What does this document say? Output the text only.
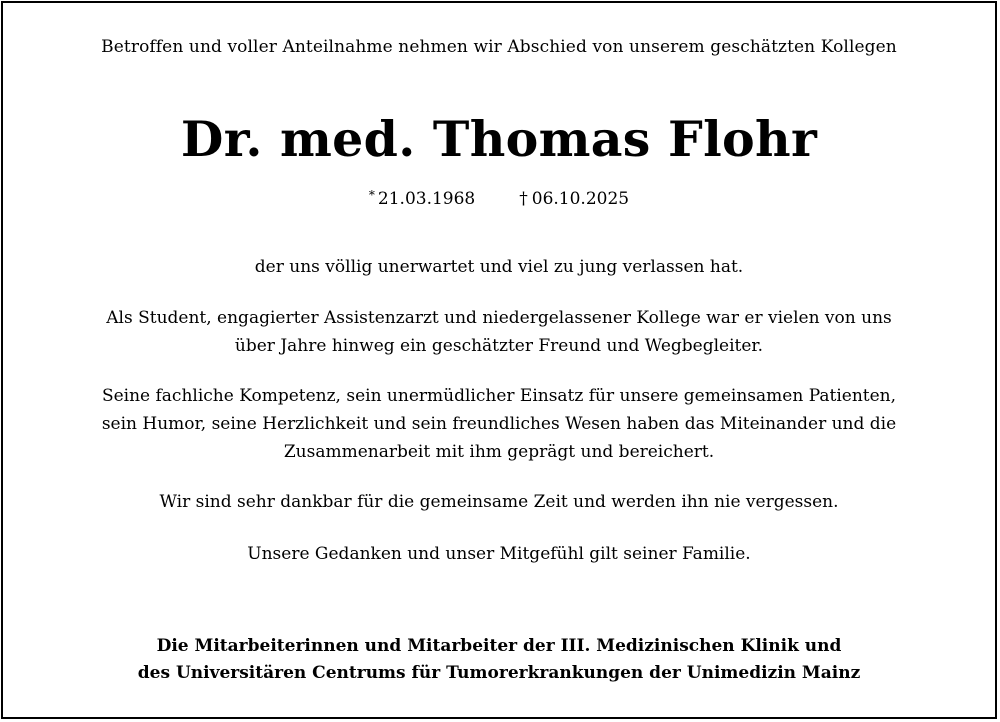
Betroffen und voller Anteilnahme nehmen wir Abschied von unserem geschätzten Kollegen
Dr. med. Thomas Flohr
* 21.03.1968	† 06.10.2025
der uns völlig unerwartet und viel zu jung verlassen hat.
Als Student, engagierter Assistenzarzt und niedergelassener Kollege war er vielen von uns
über Jahre hinweg ein geschätzter Freund und Wegbegleiter.
Seine fachliche Kompetenz, sein unermüdlicher Einsatz für unsere gemeinsamen Patienten,
sein Humor, seine Herzlichkeit und sein freundliches Wesen haben das Miteinander und die
Zusammenarbeit mit ihm geprägt und bereichert.
Wir sind sehr dankbar für die gemeinsame Zeit und werden ihn nie vergessen.
Unsere Gedanken und unser Mitgefühl gilt seiner Familie.
Die Mitarbeiterinnen und Mitarbeiter der III. Medizinischen Klinik und
des Universitären Centrums für Tumorerkrankungen der Unimedizin Mainz
